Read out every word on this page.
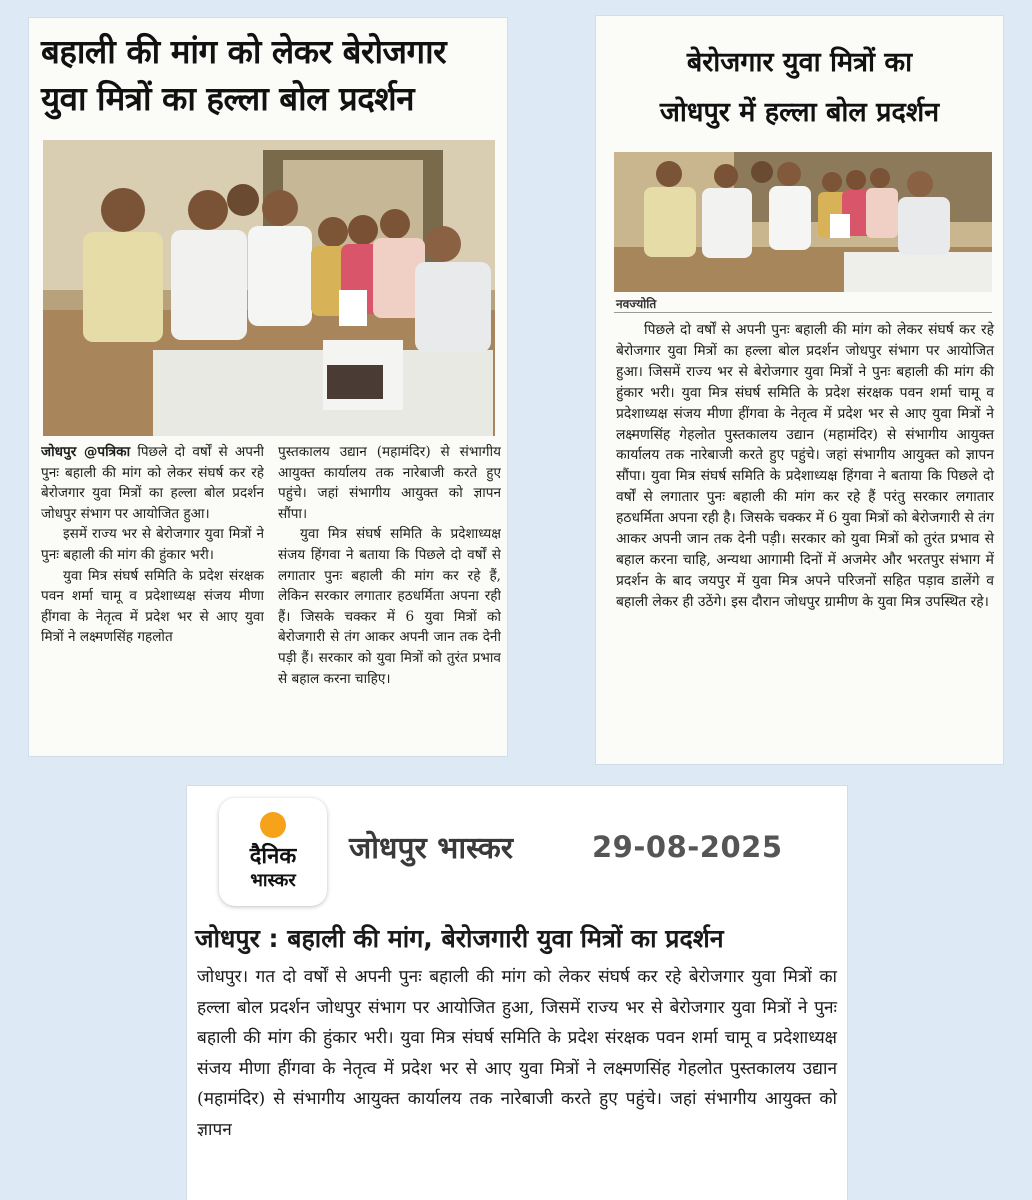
बहाली की मांग को लेकर बेरोजगार युवा मित्रों का हल्ला बोल प्रदर्शन

जोधपुर @पत्रिका पिछले दो वर्षों से अपनी पुनः बहाली की मांग को लेकर संघर्ष कर रहे बेरोजगार युवा मित्रों का हल्ला बोल प्रदर्शन जोधपुर संभाग पर आयोजित हुआ।

इसमें राज्य भर से बेरोजगार युवा मित्रों ने पुनः बहाली की मांग की हुंकार भरी।

युवा मित्र संघर्ष समिति के प्रदेश संरक्षक पवन शर्मा चामू व प्रदेशाध्यक्ष संजय मीणा हींगवा के नेतृत्व में प्रदेश भर से आए युवा मित्रों ने लक्ष्मणसिंह गहलोत

पुस्तकालय उद्यान (महामंदिर) से संभागीय आयुक्त कार्यालय तक नारेबाजी करते हुए पहुंचे। जहां संभागीय आयुक्त को ज्ञापन सौंपा।

युवा मित्र संघर्ष समिति के प्रदेशाध्यक्ष संजय हिंगवा ने बताया कि पिछले दो वर्षों से लगातार पुनः बहाली की मांग कर रहे हैं, लेकिन सरकार लगातार हठधर्मिता अपना रही हैं। जिसके चक्कर में 6 युवा मित्रों को बेरोजगारी से तंग आकर अपनी जान तक देनी पड़ी हैं। सरकार को युवा मित्रों को तुरंत प्रभाव से बहाल करना चाहिए।

बेरोजगार युवा मित्रों का
जोधपुर में हल्ला बोल प्रदर्शन
नवज्योति
पिछले दो वर्षों से अपनी पुनः बहाली की मांग को लेकर संघर्ष कर रहे बेरोजगार युवा मित्रों का हल्ला बोल प्रदर्शन जोधपुर संभाग पर आयोजित हुआ। जिसमें राज्य भर से बेरोजगार युवा मित्रों ने पुनः बहाली की मांग की हुंकार भरी। युवा मित्र संघर्ष समिति के प्रदेश संरक्षक पवन शर्मा चामू व प्रदेशाध्यक्ष संजय मीणा हींगवा के नेतृत्व में प्रदेश भर से आए युवा मित्रों ने लक्ष्मणसिंह गेहलोत पुस्तकालय उद्यान (महामंदिर) से संभागीय आयुक्त कार्यालय तक नारेबाजी करते हुए पहुंचे। जहां संभागीय आयुक्त को ज्ञापन सौंपा। युवा मित्र संघर्ष समिति के प्रदेशाध्यक्ष हिंगवा ने बताया कि पिछले दो वर्षों से लगातार पुनः बहाली की मांग कर रहे हैं परंतु सरकार लगातार हठधर्मिता अपना रही है। जिसके चक्कर में 6 युवा मित्रों को बेरोजगारी से तंग आकर अपनी जान तक देनी पड़ी। सरकार को युवा मित्रों को तुरंत प्रभाव से बहाल करना चाहि, अन्यथा आगामी दिनों में अजमेर और भरतपुर संभाग में प्रदर्शन के बाद जयपुर में युवा मित्र अपने परिजनों सहित पड़ाव डालेंगे व बहाली लेकर ही उठेंगे। इस दौरान जोधपुर ग्रामीण के युवा मित्र उपस्थित रहे।
दैनिक
भास्कर
जोधपुर भास्कर	29-08-2025
जोधपुर : बहाली की मांग, बेरोजगारी युवा मित्रों का प्रदर्शन
जोधपुर। गत दो वर्षों से अपनी पुनः बहाली की मांग को लेकर संघर्ष कर रहे बेरोजगार युवा मित्रों का हल्ला बोल प्रदर्शन जोधपुर संभाग पर आयोजित हुआ, जिसमें राज्य भर से बेरोजगार युवा मित्रों ने पुनः बहाली की मांग की हुंकार भरी। युवा मित्र संघर्ष समिति के प्रदेश संरक्षक पवन शर्मा चामू व प्रदेशाध्यक्ष संजय मीणा हींगवा के नेतृत्व में प्रदेश भर से आए युवा मित्रों ने लक्ष्मणसिंह गेहलोत पुस्तकालय उद्यान (महामंदिर) से संभागीय आयुक्त कार्यालय तक नारेबाजी करते हुए पहुंचे। जहां संभागीय आयुक्त को ज्ञापन
